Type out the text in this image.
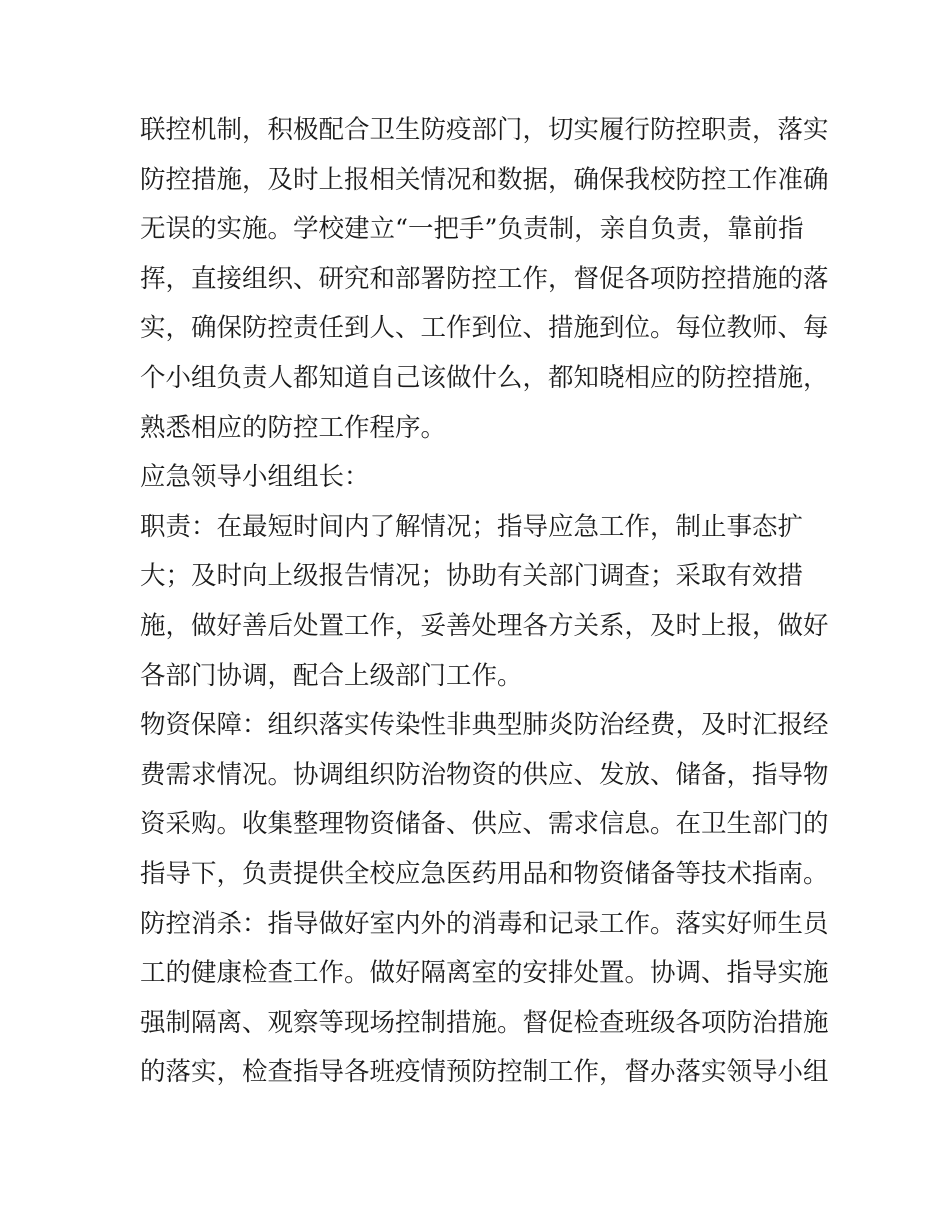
联控机制，积极配合卫生防疫部门，切实履行防控职责，落实
防控措施，及时上报相关情况和数据，确保我校防控工作准确
无误的实施。学校建立“一把手”负责制，亲自负责，靠前指
挥，直接组织、研究和部署防控工作，督促各项防控措施的落
实，确保防控责任到人、工作到位、措施到位。每位教师、每
个小组负责人都知道自己该做什么，都知晓相应的防控措施，
熟悉相应的防控工作程序。
应急领导小组组长：
职责：在最短时间内了解情况；指导应急工作，制止事态扩
大；及时向上级报告情况；协助有关部门调查；采取有效措
施，做好善后处置工作，妥善处理各方关系，及时上报，做好
各部门协调，配合上级部门工作。
物资保障：组织落实传染性非典型肺炎防治经费，及时汇报经
费需求情况。协调组织防治物资的供应、发放、储备，指导物
资采购。收集整理物资储备、供应、需求信息。在卫生部门的
指导下，负责提供全校应急医药用品和物资储备等技术指南。
防控消杀：指导做好室内外的消毒和记录工作。落实好师生员
工的健康检查工作。做好隔离室的安排处置。协调、指导实施
强制隔离、观察等现场控制措施。督促检查班级各项防治措施
的落实，检查指导各班疫情预防控制工作，督办落实领导小组
